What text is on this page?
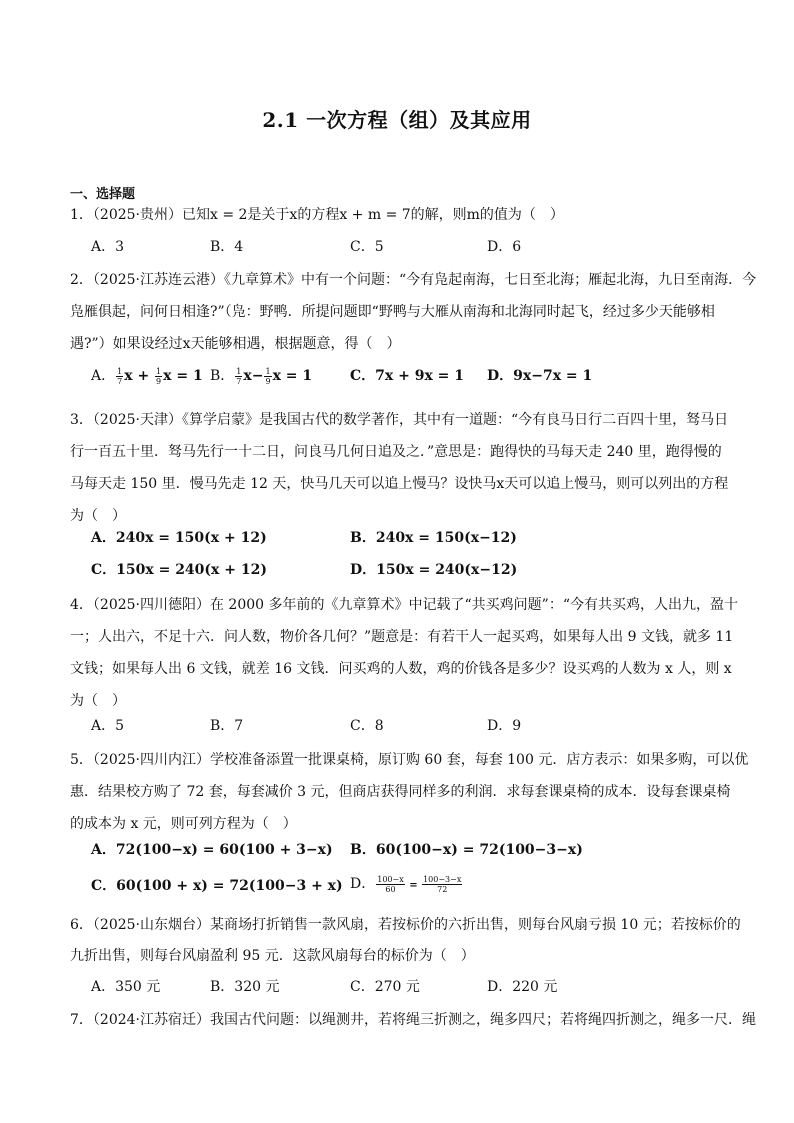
2.1 一次方程（组）及其应用
一、选择题
1．（2025·贵州）已知x = 2是关于x的方程x + m = 7的解，则m的值为（　）
A．3	B．4	C．5	D．6
2．（2025·江苏连云港）《九章算术》中有一个问题：“今有凫起南海，七日至北海；雁起北海，九日至南海．今
凫雁俱起，问何日相逢?”（凫：野鸭．所提问题即“野鸭与大雁从南海和北海同时起飞，经过多少天能够相
遇?”）如果设经过x天能够相遇，根据题意，得（　）
A． $\frac{1}{7}$ $x + \frac{1}{9}$ x = 1 B． $\frac{1}{7} x- \frac{1}{9}$ x = 1	C．7x + 9x = 1 D．9x−7x = 1
3．（2025·天津）《算学启蒙》是我国古代的数学著作，其中有一道题：“今有良马日行二百四十里，驽马日
行一百五十里．驽马先行一十二日，问良马几何日追及之．”意思是：跑得快的马每天走 240 里，跑得慢的
马每天走 150 里．慢马先走 12 天，快马几天可以追上慢马？设快马x天可以追上慢马，则可以列出的方程
为（　）
A．240x = 150(x + 12)	B．240x = 150(x−12)
C．150x = 240(x + 12)	D．150x = 240(x−12)
4．（2025·四川德阳）在 2000 多年前的《九章算术》中记载了“共买鸡问题”：“今有共买鸡，人出九，盈十
一；人出六，不足十六．问人数，物价各几何？”题意是：有若干人一起买鸡，如果每人出 9 文钱，就多 11
文钱；如果每人出 6 文钱，就差 16 文钱．问买鸡的人数，鸡的价钱各是多少？设买鸡的人数为 x 人，则 x
为（　）
A．5	B．7	C．8	D．9
5．（2025·四川内江）学校准备添置一批课桌椅，原订购 60 套，每套 100 元．店方表示：如果多购，可以优
惠．结果校方购了 72 套，每套减价 3 元，但商店获得同样多的利润．求每套课桌椅的成本．设每套课桌椅
的成本为 x 元，则可列方程为（　）
A．72(100−x) = 60(100 + 3−x) B．60(100−x) = 72(100−3−x)
C．60(100 + x) = 72(100−3 + x) D． $\frac{100-x}{60} = \frac{100-3-x}{72}$
6．（2025·山东烟台）某商场打折销售一款风扇，若按标价的六折出售，则每台风扇亏损 10 元；若按标价的
九折出售，则每台风扇盈利 95 元．这款风扇每台的标价为（　）
A．350 元	B．320 元	C．270 元	D．220 元
7．（2024·江苏宿迁）我国古代问题：以绳测井，若将绳三折测之，绳多四尺；若将绳四折测之，绳多一尺．绳
